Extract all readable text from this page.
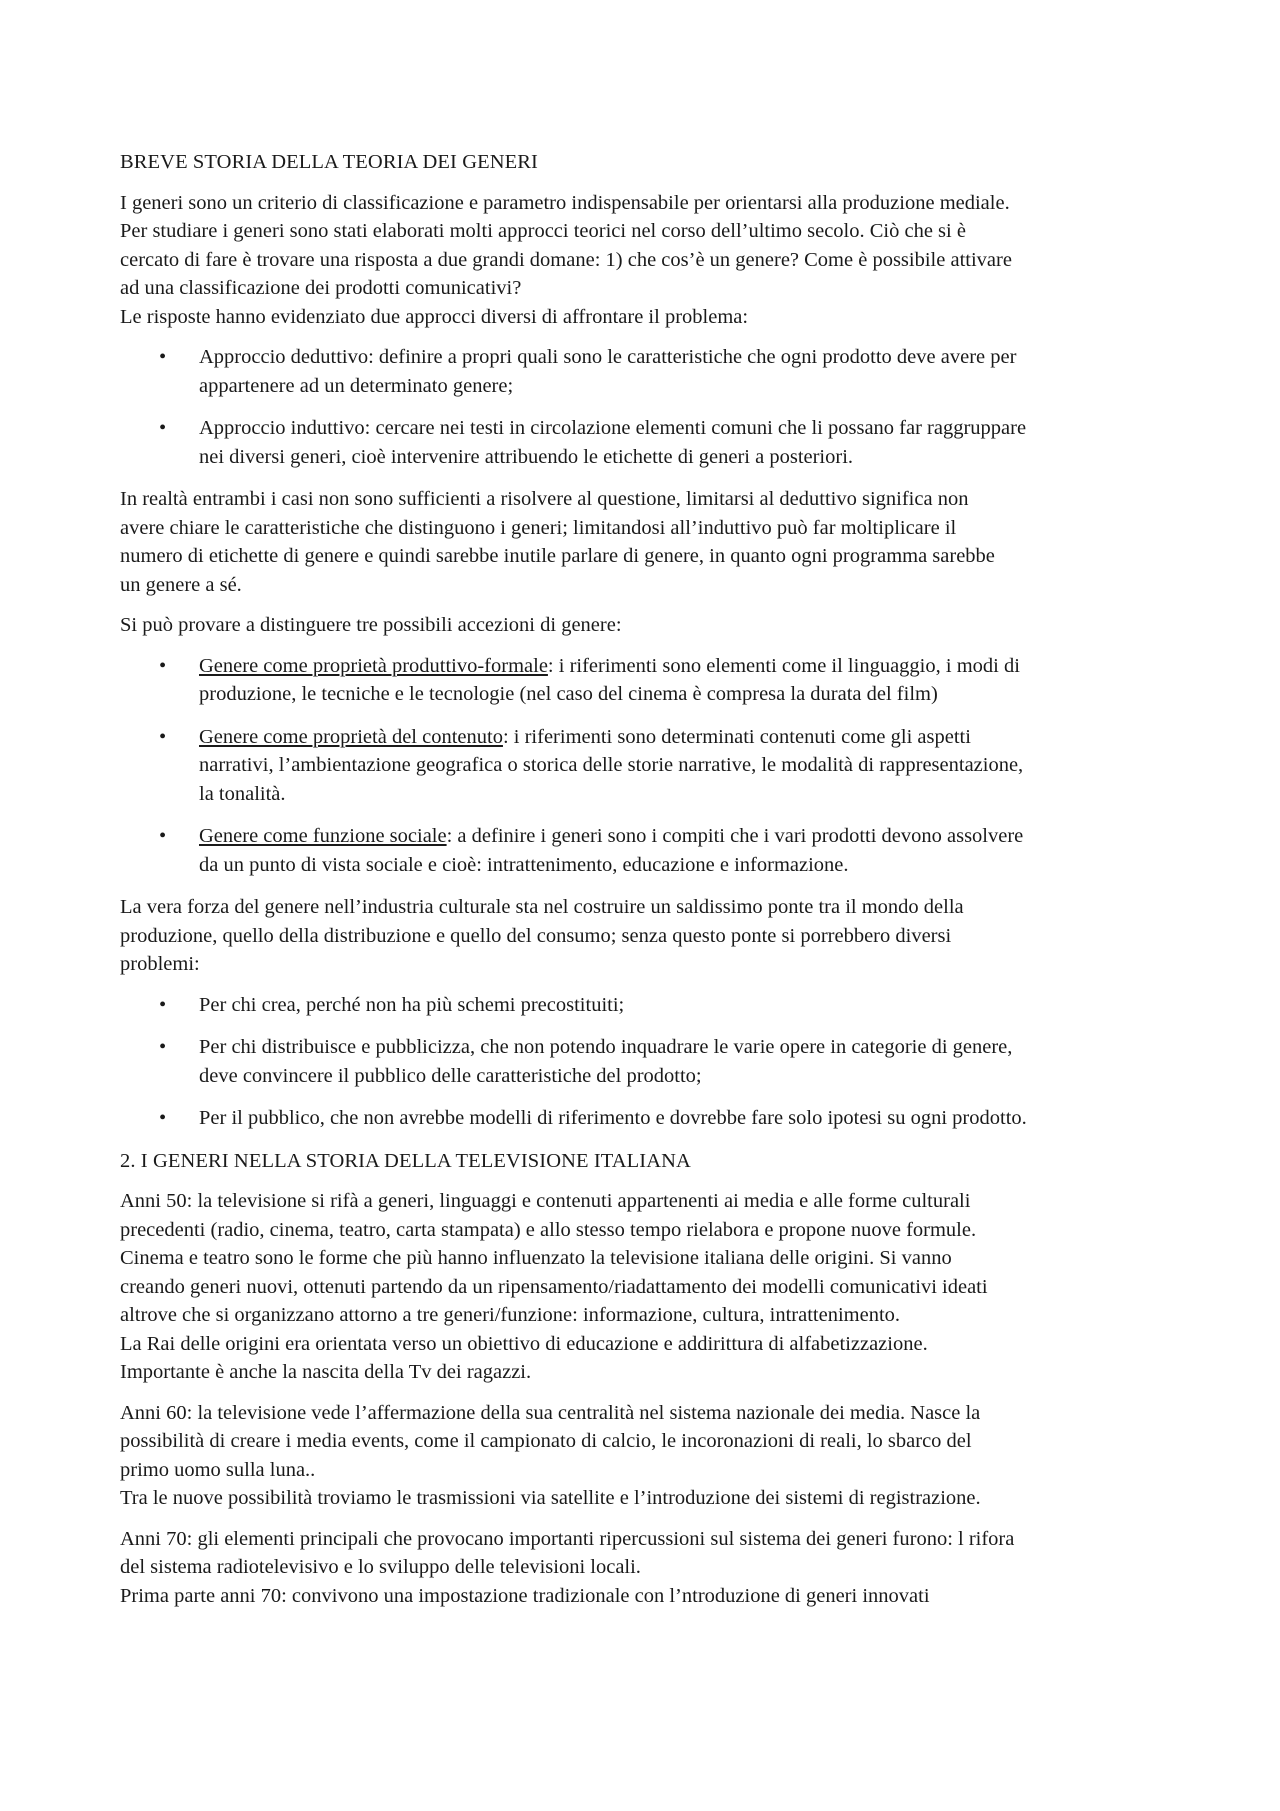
BREVE STORIA DELLA TEORIA DEI GENERI
I generi sono un criterio di classificazione e parametro indispensabile per orientarsi alla produzione mediale.
Per studiare i generi sono stati elaborati molti approcci teorici nel corso dell’ultimo secolo. Ciò che si è
cercato di fare è trovare una risposta a due grandi domane: 1) che cos’è un genere? Come è possibile attivare
ad una classificazione dei prodotti comunicativi?
Le risposte hanno evidenziato due approcci diversi di affrontare il problema:
• Approccio deduttivo: definire a propri quali sono le caratteristiche che ogni prodotto deve avere per
appartenere ad un determinato genere;
• Approccio induttivo: cercare nei testi in circolazione elementi comuni che li possano far raggruppare
nei diversi generi, cioè intervenire attribuendo le etichette di generi a posteriori.
In realtà entrambi i casi non sono sufficienti a risolvere al questione, limitarsi al deduttivo significa non
avere chiare le caratteristiche che distinguono i generi; limitandosi all’induttivo può far moltiplicare il
numero di etichette di genere e quindi sarebbe inutile parlare di genere, in quanto ogni programma sarebbe
un genere a sé.
Si può provare a distinguere tre possibili accezioni di genere:
• Genere come proprietà produttivo-formale: i riferimenti sono elementi come il linguaggio, i modi di
produzione, le tecniche e le tecnologie (nel caso del cinema è compresa la durata del film)
• Genere come proprietà del contenuto: i riferimenti sono determinati contenuti come gli aspetti
narrativi, l’ambientazione geografica o storica delle storie narrative, le modalità di rappresentazione,
la tonalità.
• Genere come funzione sociale: a definire i generi sono i compiti che i vari prodotti devono assolvere
da un punto di vista sociale e cioè: intrattenimento, educazione e informazione.
La vera forza del genere nell’industria culturale sta nel costruire un saldissimo ponte tra il mondo della
produzione, quello della distribuzione e quello del consumo; senza questo ponte si porrebbero diversi
problemi:
• Per chi crea, perché non ha più schemi precostituiti;
• Per chi distribuisce e pubblicizza, che non potendo inquadrare le varie opere in categorie di genere,
deve convincere il pubblico delle caratteristiche del prodotto;
• Per il pubblico, che non avrebbe modelli di riferimento e dovrebbe fare solo ipotesi su ogni prodotto.
2. I GENERI NELLA STORIA DELLA TELEVISIONE ITALIANA
Anni 50: la televisione si rifà a generi, linguaggi e contenuti appartenenti ai media e alle forme culturali
precedenti (radio, cinema, teatro, carta stampata) e allo stesso tempo rielabora e propone nuove formule.
Cinema e teatro sono le forme che più hanno influenzato la televisione italiana delle origini. Si vanno
creando generi nuovi, ottenuti partendo da un ripensamento/riadattamento dei modelli comunicativi ideati
altrove che si organizzano attorno a tre generi/funzione: informazione, cultura, intrattenimento.
La Rai delle origini era orientata verso un obiettivo di educazione e addirittura di alfabetizzazione.
Importante è anche la nascita della Tv dei ragazzi.
Anni 60: la televisione vede l’affermazione della sua centralità nel sistema nazionale dei media. Nasce la
possibilità di creare i media events, come il campionato di calcio, le incoronazioni di reali, lo sbarco del
primo uomo sulla luna..
Tra le nuove possibilità troviamo le trasmissioni via satellite e l’introduzione dei sistemi di registrazione.
Anni 70: gli elementi principali che provocano importanti ripercussioni sul sistema dei generi furono: l rifora
del sistema radiotelevisivo e lo sviluppo delle televisioni locali.
Prima parte anni 70: convivono una impostazione tradizionale con l’ntroduzione di generi innovati
